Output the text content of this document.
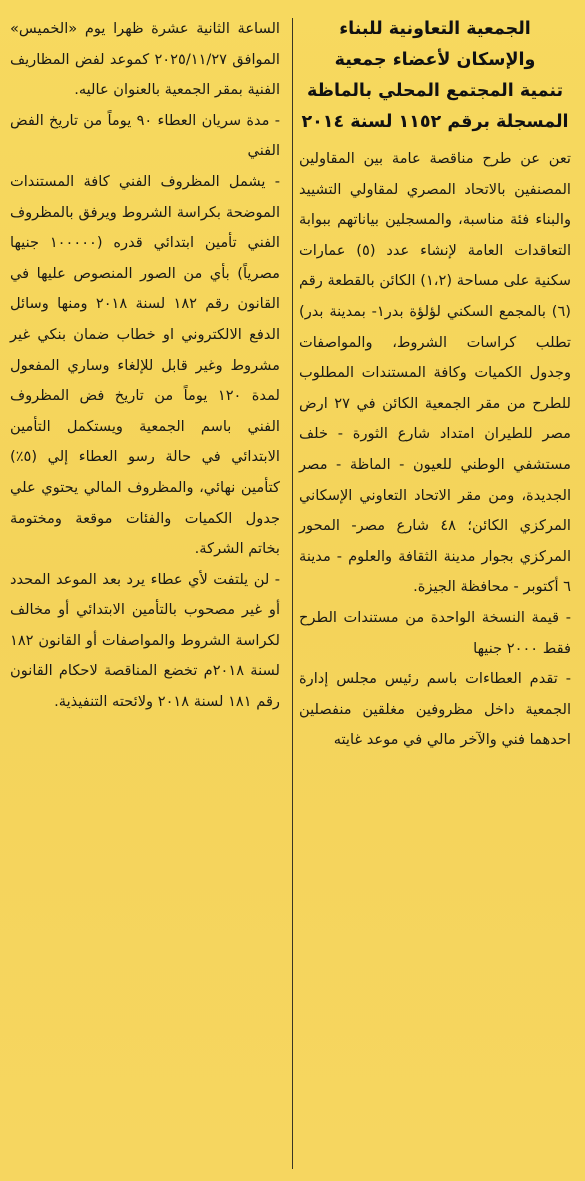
الجمعية التعاونية للبناء
والإسكان لأعضاء جمعية
تنمية المجتمع المحلي بالماظة
المسجلة برقم ١١٥٢ لسنة ٢٠١٤

تعن عن طرح مناقصة عامة بين المقاولين المصنفين بالاتحاد المصري لمقاولي التشييد والبناء فئة مناسبة، والمسجلين بياناتهم ببوابة التعاقدات العامة لإنشاء عدد (٥) عمارات سكنية على مساحة (١،٢) الكائن بالقطعة رقم (٦) بالمجمع السكني لؤلؤة بدر١- بمدينة بدر) تطلب كراسات الشروط، والمواصفات وجدول الكميات وكافة المستندات المطلوب للطرح من مقر الجمعية الكائن في ٢٧ ارض مصر للطيران امتداد شارع الثورة - خلف مستشفي الوطني للعيون - الماظة - مصر الجديدة، ومن مقر الاتحاد التعاوني الإسكاني المركزي الكائن؛ ٤٨ شارع مصر- المحور المركزي بجوار مدينة الثقافة والعلوم - مدينة ٦ أكتوبر - محافظة الجيزة.

- قيمة النسخة الواحدة من مستندات الطرح فقط ٢٠٠٠ جنيها

- تقدم العطاءات باسم رئيس مجلس إدارة الجمعية داخل مظروفين مغلقين منفصلين احدهما فني والآخر مالي في موعد غايته

الساعة الثانية عشرة ظهرا يوم «الخميس» الموافق ٢٠٢٥/١١/٢٧ كموعد لفض المظاريف الفنية بمقر الجمعية بالعنوان عاليه.

- مدة سريان العطاء ٩٠ يوماً من تاريخ الفض الفني

- يشمل المظروف الفني كافة المستندات الموضحة بكراسة الشروط ويرفق بالمظروف الفني تأمين ابتدائي قدره (١٠٠٠٠٠ جنيها مصرياً) بأي من الصور المنصوص عليها في القانون رقم ١٨٢ لسنة ٢٠١٨ ومنها وسائل الدفع الالكتروني او خطاب ضمان بنكي غير مشروط وغير قابل للإلغاء وساري المفعول لمدة ١٢٠ يوماً من تاريخ فض المظروف الفني باسم الجمعية ويستكمل التأمين الابتدائي في حالة رسو العطاء إلي (٥٪) كتأمين نهائي، والمظروف المالي يحتوي علي جدول الكميات والفئات موقعة ومختومة بخاتم الشركة.

- لن يلتفت لأي عطاء يرد بعد الموعد المحدد أو غير مصحوب بالتأمين الابتدائي أو مخالف لكراسة الشروط والمواصفات أو القانون ١٨٢ لسنة ٢٠١٨م تخضع المناقصة لاحكام القانون رقم ١٨١ لسنة ٢٠١٨ ولائحته التنفيذية.
